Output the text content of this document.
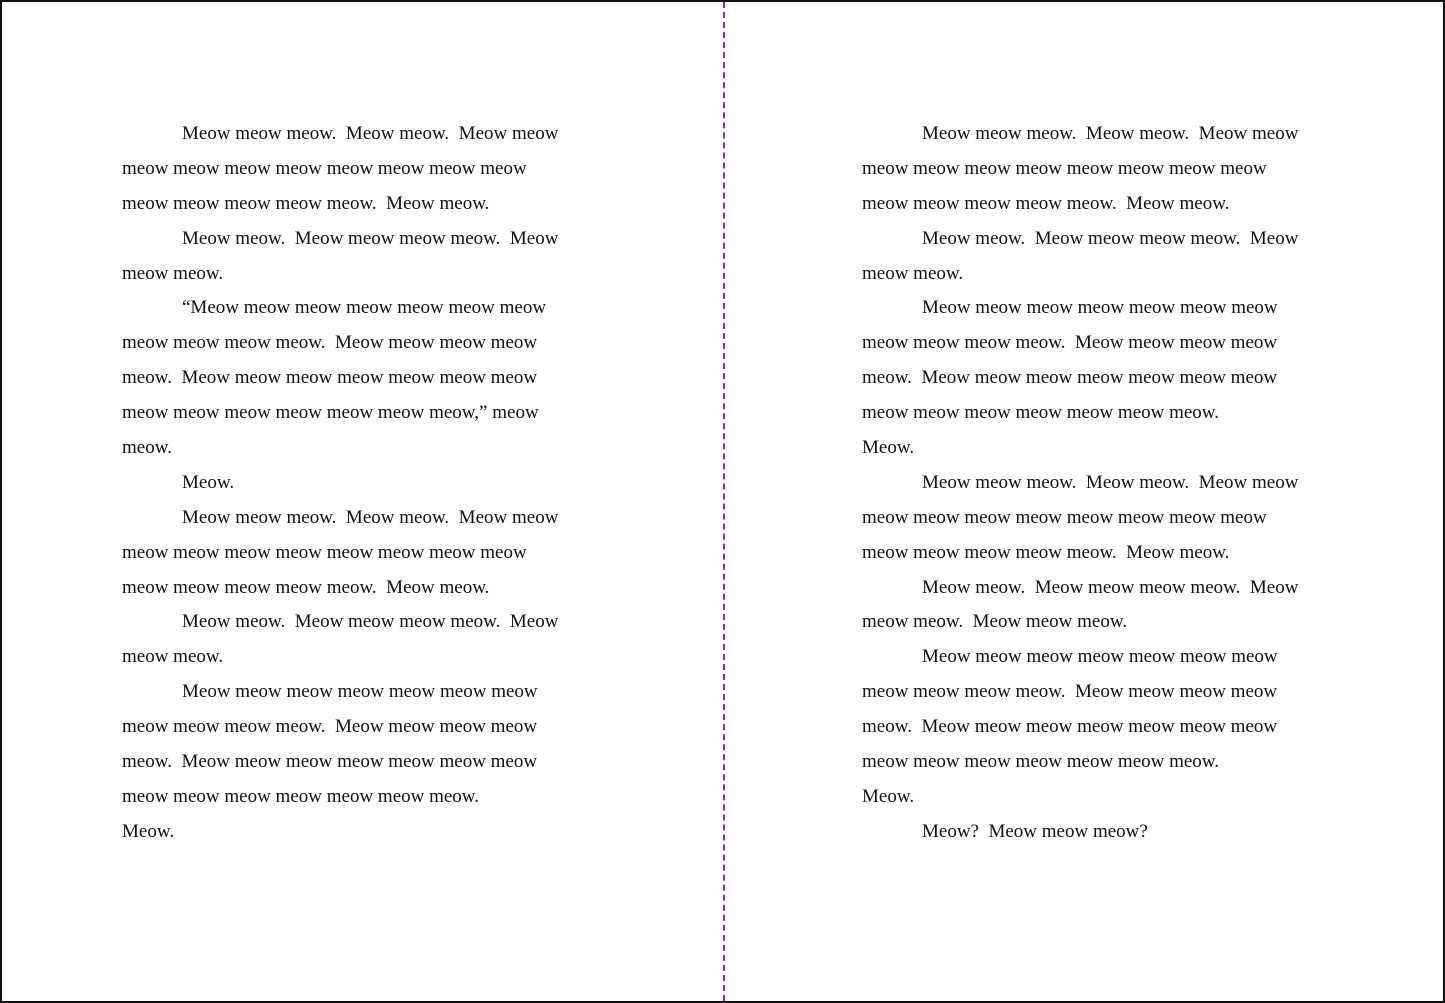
Meow meow meow.  Meow meow.  Meow meow
meow meow meow meow meow meow meow meow
meow meow meow meow meow.  Meow meow.
Meow meow.  Meow meow meow meow.  Meow
meow meow.
“Meow meow meow meow meow meow meow
meow meow meow meow.  Meow meow meow meow
meow.  Meow meow meow meow meow meow meow
meow meow meow meow meow meow meow,” meow
meow.
Meow.
Meow meow meow.  Meow meow.  Meow meow
meow meow meow meow meow meow meow meow
meow meow meow meow meow.  Meow meow.
Meow meow.  Meow meow meow meow.  Meow
meow meow.
Meow meow meow meow meow meow meow
meow meow meow meow.  Meow meow meow meow
meow.  Meow meow meow meow meow meow meow
meow meow meow meow meow meow meow.
Meow.
Meow meow meow.  Meow meow.  Meow meow
meow meow meow meow meow meow meow meow
meow meow meow meow meow.  Meow meow.
Meow meow.  Meow meow meow meow.  Meow
meow meow.
Meow meow meow meow meow meow meow
meow meow meow meow.  Meow meow meow meow
meow.  Meow meow meow meow meow meow meow
meow meow meow meow meow meow meow.
Meow.
Meow meow meow.  Meow meow.  Meow meow
meow meow meow meow meow meow meow meow
meow meow meow meow meow.  Meow meow.
Meow meow.  Meow meow meow meow.  Meow
meow meow.  Meow meow meow.
Meow meow meow meow meow meow meow
meow meow meow meow.  Meow meow meow meow
meow.  Meow meow meow meow meow meow meow
meow meow meow meow meow meow meow.
Meow.
Meow?  Meow meow meow?
